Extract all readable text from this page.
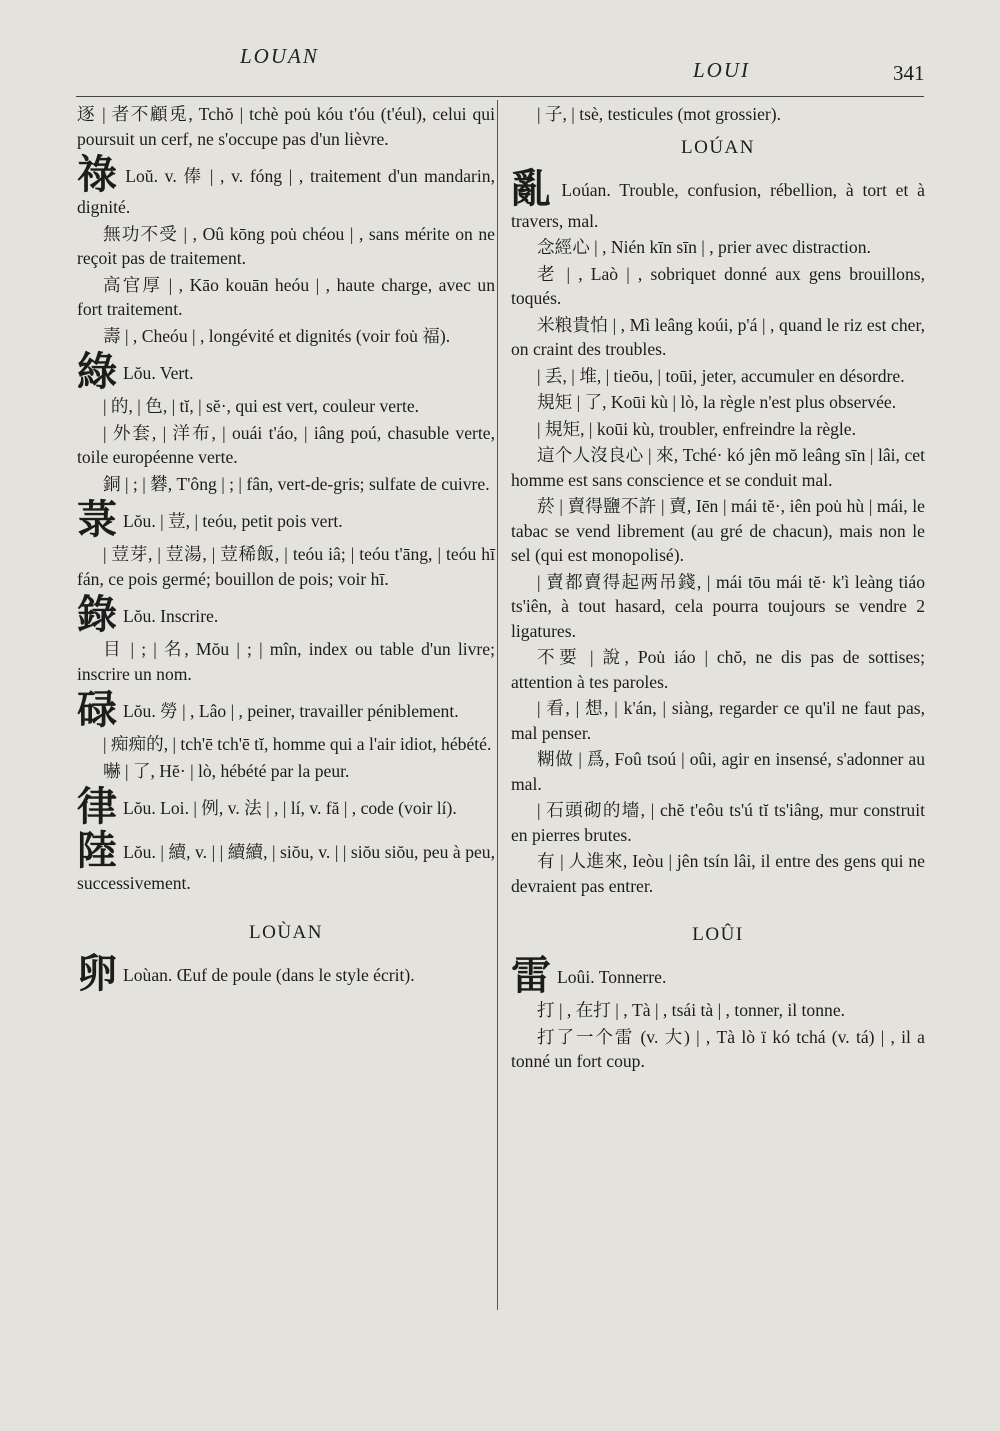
LOUAN
LOUI	341

逐 | 者不顧兎, Tchŏ | tchè pou̇ kóu t'óu (t'éul), celui qui poursuit un cerf, ne s'occupe pas d'un lièvre.

祿 Loŭ. v. 俸 | , v. fóng | , traitement d'un mandarin, dignité.

無功不受 | , Oû kōng pou̇ chéou | , sans mérite on ne reçoit pas de traitement.

高官厚 | , Kāo kouān heóu | , haute charge, avec un fort traitement.

壽 | , Cheóu | , longévité et dignités (voir fou̇ 福).

綠 Lŏu. Vert.

| 的, | 色, | tĭ, | sĕ·, qui est vert, couleur verte.

| 外套, | 洋布, | ouái t'áo, | iâng poú, chasuble verte, toile européenne verte.

銅 | ; | 礬, T'ông | ; | fân, vert-de-gris; sulfate de cuivre.

菉 Lŏu. | 荳, | teóu, petit pois vert.

| 荳芽, | 荳湯, | 荳稀飯, | teóu iâ; | teóu t'āng, | teóu hī fán, ce pois germé; bouillon de pois; voir hī.

錄 Lŏu. Inscrire.

目 | ; | 名, Mŏu | ; | mîn, index ou table d'un livre; inscrire un nom.

碌 Lŏu. 勞 | , Lâo | , peiner, travailler péniblement.

| 痴痴的, | tch'ē tch'ē tĭ, homme qui a l'air idiot, hébété.

嚇 | 了, Hĕ· | lò, hébété par la peur.

律 Lŏu. Loi. | 例, v. 法 | , | lí, v. fă | , code (voir lí).

陸 Lŏu. | 續, v. | | 續續, | siŏu, v. | | siŏu siŏu, peu à peu, successivement.

LOÙAN

卵 Loùan. Œuf de poule (dans le style écrit).

| 子, | tsè, testicules (mot grossier).

LOÚAN

亂 Loúan. Trouble, confusion, rébellion, à tort et à travers, mal.

念經心 | , Nién kīn sīn | , prier avec distraction.

老 | , Laò | , sobriquet donné aux gens brouillons, toqués.

米粮貴怕 | , Mì leâng koúi, p'á | , quand le riz est cher, on craint des troubles.

| 丢, | 堆, | tieōu, | toūi, jeter, accumuler en désordre.

規矩 | 了, Koūi kù | lò, la règle n'est plus observée.

| 規矩, | koūi kù, troubler, enfreindre la règle.

這个人沒良心 | 來, Tché· kó jên mŏ leâng sīn | lâi, cet homme est sans conscience et se conduit mal.

菸 | 賣得鹽不許 | 賣, Iēn | mái tĕ·, iên pou̇ hù | mái, le tabac se vend librement (au gré de chacun), mais non le sel (qui est monopolisé).

| 賣都賣得起两吊錢, | mái tōu mái tĕ· k'ì leàng tiáo ts'iên, à tout hasard, cela pourra toujours se vendre 2 ligatures.

不要 | 說, Pou̇ iáo | chŏ, ne dis pas de sottises; attention à tes paroles.

| 看, | 想, | k'án, | siàng, regarder ce qu'il ne faut pas, mal penser.

糊做 | 爲, Foû tsoú | oûi, agir en insensé, s'adonner au mal.

| 石頭砌的墻, | chĕ t'eôu ts'ú tĭ ts'iâng, mur construit en pierres brutes.

有 | 人進來, Ieòu | jên tsín lâi, il entre des gens qui ne devraient pas entrer.

LOÛI

雷 Loûi. Tonnerre.

打 | , 在打 | , Tà | , tsái tà | , tonner, il tonne.

打了一个雷 (v. 大) | , Tà lò ï kó tchá (v. tá) | , il a tonné un fort coup.
